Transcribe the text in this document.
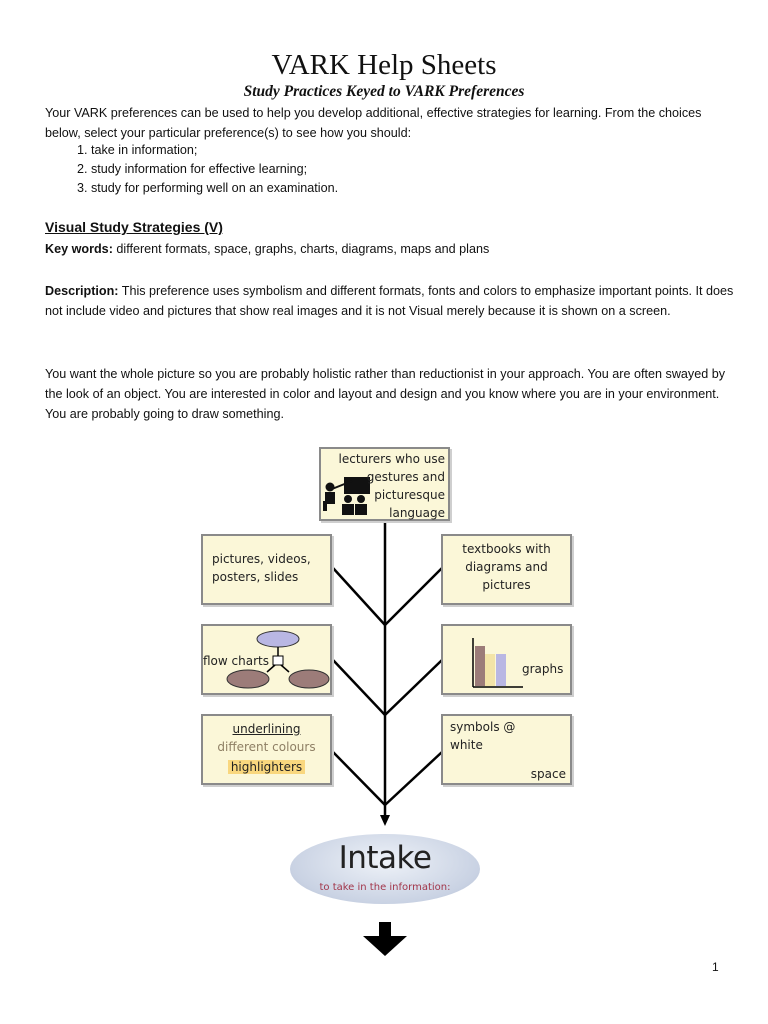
VARK Help Sheets
Study Practices Keyed to VARK Preferences
Your VARK preferences can be used to help you develop additional, effective strategies for learning. From the choices below, select your particular preference(s) to see how you should:
1. take in information;
2. study information for effective learning;
3. study for performing well on an examination.
Visual Study Strategies (V)
Key words: different formats, space, graphs, charts, diagrams, maps and plans
Description: This preference uses symbolism and different formats, fonts and colors to emphasize important points. It does not include video and pictures that show real images and it is not Visual merely because it is shown on a screen.
You want the whole picture so you are probably holistic rather than reductionist in your approach. You are often swayed by the look of an object. You are interested in color and layout and design and you know where you are in your environment. You are probably going to draw something.
lecturers who use
gestures and
picturesque
language
pictures, videos,
posters, slides
flow charts
underlining
different colours
highlighters
textbooks with
diagrams and
pictures
graphs
symbols @
white
space
Intake
to take in the information:
1
